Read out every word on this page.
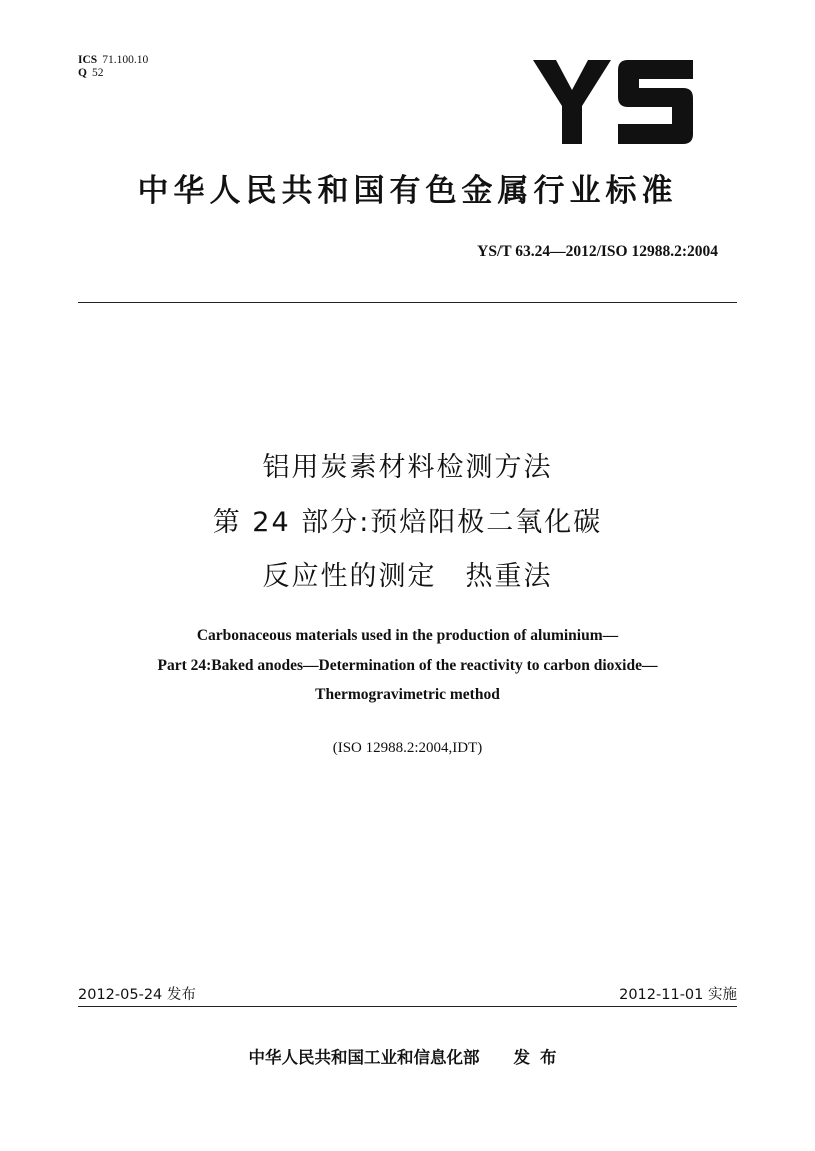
ICS 71.100.10
Q 52
中华人民共和国有色金属行业标准
YS/T 63.24—2012/ISO 12988.2:2004
铝用炭素材料检测方法
第 24 部分:预焙阳极二氧化碳
反应性的测定　热重法
Carbonaceous materials used in the production of aluminium—
Part 24:Baked anodes—Determination of the reactivity to carbon dioxide—
Thermogravimetric method
(ISO 12988.2:2004,IDT)
2012-05-24 发布	2012-11-01 实施
中华人民共和国工业和信息化部 发布
